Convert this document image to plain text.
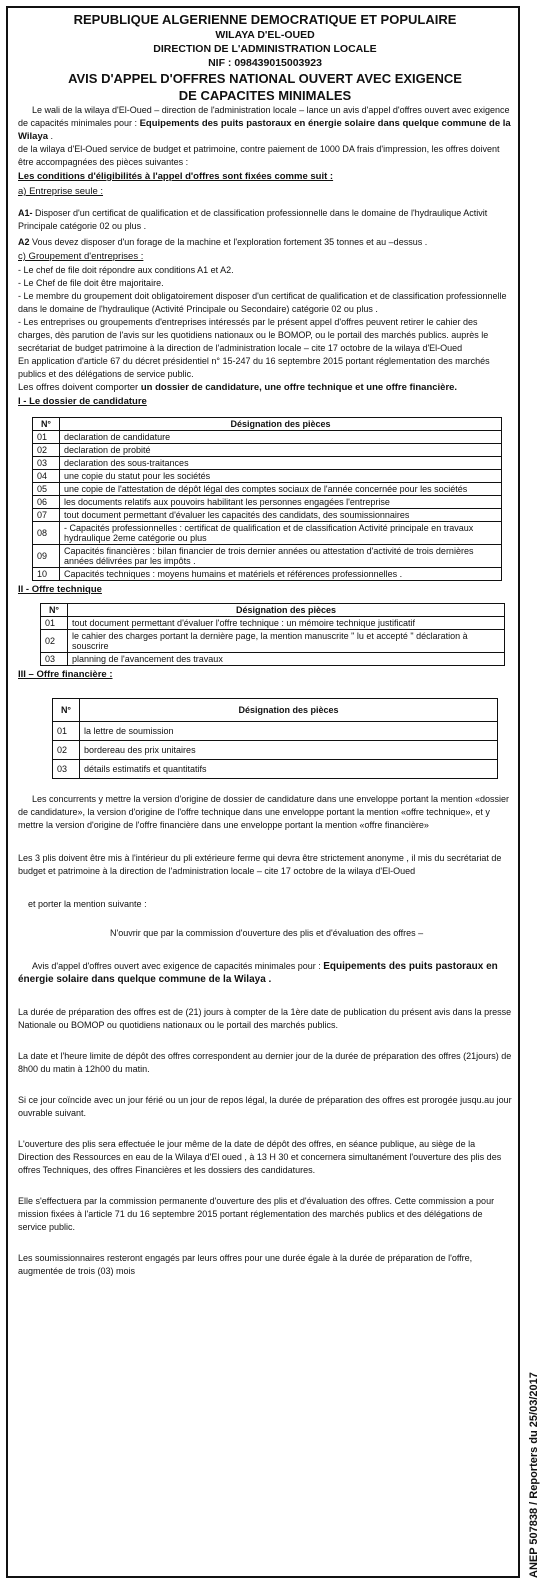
REPUBLIQUE ALGERIENNE DEMOCRATIQUE ET POPULAIRE
WILAYA D'EL-OUED
DIRECTION DE L'ADMINISTRATION LOCALE
NIF : 098439015003923
AVIS D'APPEL D'OFFRES NATIONAL OUVERT AVEC EXIGENCE
DE CAPACITES MINIMALES

Le wali de la wilaya d'El-Oued – direction de l'administration locale – lance un avis d'appel d'offres ouvert avec exigence de capacités minimales pour : Equipements des puits pastoraux en énergie solaire dans quelque commune de la Wilaya .

de la wilaya d'El-Oued service de budget et patrimoine, contre paiement de 1000 DA frais d'impression, les offres doivent être accompagnées des pièces suivantes :

Les conditions d'éligibilités à l'appel d'offres sont fixées comme suit :
a) Entreprise seule :

A1- Disposer d'un certificat de qualification et de classification professionnelle dans le domaine de l'hydraulique Activit Principale catégorie 02 ou plus .

A2 Vous devez disposer d'un forage de la machine et l'exploration fortement 35 tonnes et au –dessus .

c) Groupement d'entreprises :

- Le chef de file doit répondre aux conditions A1 et A2.

- Le Chef de file doit être majoritaire.

- Le membre du groupement doit obligatoirement disposer d'un certificat de qualification et de classification professionnelle dans le domaine de l'hydraulique (Activité Principale ou Secondaire) catégorie 02 ou plus .

- Les entreprises ou groupements d'entreprises intéressés par le présent appel d'offres peuvent retirer le cahier des charges, dès parution de l'avis sur les quotidiens nationaux ou le BOMOP, ou le portail des marchés publics. auprès le secrétariat de budget patrimoine à la direction de l'administration locale – cite 17 octobre de la wilaya d'El-Oued

En application d'article 67 du décret présidentiel n° 15-247 du 16 septembre 2015 portant réglementation des marchés publics et des délégations de service public.

Les offres doivent comporter un dossier de candidature, une offre technique et une offre financière.

I - Le dossier de candidature
N°	Désignation des pièces
01	declaration de candidature
02	declaration de probité
03	declaration des sous-traitances
04	une copie du statut pour les sociétés
05	une copie de l'attestation de dépôt légal des comptes sociaux de l'année concernée pour les sociétés
06	les documents relatifs aux pouvoirs habilitant les personnes engagées l'entreprise
07	tout document permettant d'évaluer les capacités des candidats, des soumissionnaires
08	- Capacités professionnelles : certificat de qualification et de classification Activité principale en travaux hydraulique 2eme catégorie ou plus
09	Capacités financières : bilan financier de trois dernier années ou attestation d'activité de trois dernières années délivrées par les impôts .
10	Capacités techniques : moyens humains et matériels et références professionnelles .
II - Offre technique
N°	Désignation des pièces
01	tout document permettant d'évaluer l'offre technique : un mémoire technique justificatif
02	le cahier des charges portant la dernière page, la mention manuscrite " lu et accepté " déclaration à souscrire
03	planning de l'avancement des travaux
III – Offre financière :
N°	Désignation des pièces
01	la lettre de soumission
02	bordereau des prix unitaires
03	détails estimatifs et quantitatifs

Les concurrents y mettre la version d'origine de dossier de candidature dans une enveloppe portant la mention «dossier de candidature», la version d'origine de l'offre technique dans une enveloppe portant la mention «offre technique», et y mettre la version d'origine de l'offre financière dans une enveloppe portant la mention «offre financière»

Les 3 plis doivent être mis à l'intérieur du pli extérieure ferme qui devra être strictement anonyme , il mis du secrétariat de budget et patrimoine à la direction de l'administration locale – cite 17 octobre de la wilaya d'El-Oued

et porter la mention suivante :

N'ouvrir que par la commission d'ouverture des plis et d'évaluation des offres –

Avis d'appel d'offres ouvert avec exigence de capacités minimales pour : Equipements des puits pastoraux en énergie solaire dans quelque commune de la Wilaya .

La durée de préparation des offres est de (21) jours à compter de la 1ère date de publication du présent avis dans la presse Nationale ou BOMOP ou quotidiens nationaux ou le portail des marchés publics.

La date et l'heure limite de dépôt des offres correspondent au dernier jour de la durée de préparation des offres (21jours) de 8h00 du matin à 12h00 du matin.

Si ce jour coïncide avec un jour férié ou un jour de repos légal, la durée de préparation des offres est prorogée jusqu.au jour ouvrable suivant.

L'ouverture des plis sera effectuée le jour même de la date de dépôt des offres, en séance publique, au siège de la Direction des Ressources en eau de la Wilaya d'El oued , à 13 H 30 et concernera simultanément l'ouverture des plis des offres Techniques, des offres Financières et les dossiers des candidatures.

Elle s'effectuera par la commission permanente d'ouverture des plis et d'évaluation des offres. Cette commission a pour mission fixées à l'article 71 du 16 septembre 2015 portant réglementation des marchés publics et des délégations de service public.

Les soumissionnaires resteront engagés par leurs offres pour une durée égale à la durée de préparation de l'offre, augmentée de trois (03) mois

ANEP 507838 / Reporters du 25/03/2017
